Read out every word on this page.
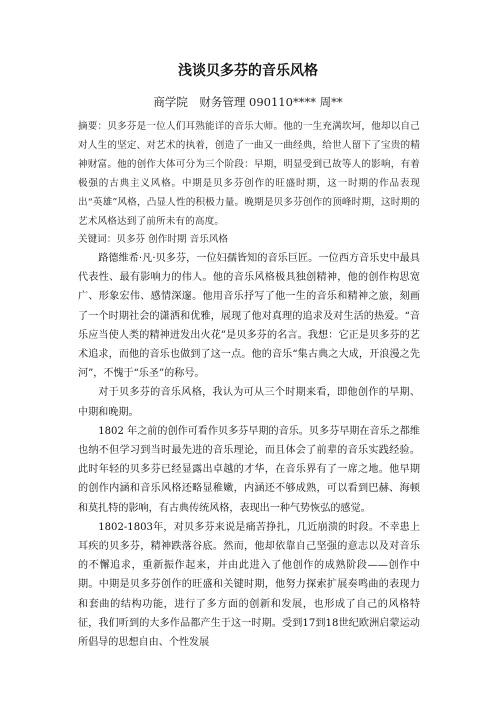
浅谈贝多芬的音乐风格
商学院　财务管理 090110**** 周**

摘要：贝多芬是一位人们耳熟能详的音乐大师。他的一生充满坎坷，他却以自己对人生的坚定、对艺术的执着，创造了一曲又一曲经典，给世人留下了宝贵的精神财富。他的创作大体可分为三个阶段：早期，明显受到已故等人的影响，有着极强的古典主义风格。中期是贝多芬创作的旺盛时期，这一时期的作品表现出“英雄”风格，凸显人性的积极力量。晚期是贝多芬创作的顶峰时期，这时期的艺术风格达到了前所未有的高度。

关键词：贝多芬 创作时期 音乐风格

路德维希·凡·贝多芬，一位妇孺皆知的音乐巨匠。一位西方音乐史中最具代表性、最有影响力的伟人。他的音乐风格极具独创精神，他的创作构思宽广、形象宏伟、感情深邃。他用音乐抒写了他一生的音乐和精神之旅，刻画了一个时期社会的潇洒和优雅，展现了他对真理的追求及对生活的热爱。“音乐应当使人类的精神迸发出火花”是贝多芬的名言。我想：它正是贝多芬的艺术追求，而他的音乐也做到了这一点。他的音乐“集古典之大成，开浪漫之先河”，不愧于“乐圣”的称号。

对于贝多芬的音乐风格，我认为可从三个时期来看，即他创作的早期、中期和晚期。

1802 年之前的创作可看作贝多芬早期的音乐。贝多芬早期在音乐之都维也纳不但学习到当时最先进的音乐理论，而且体会了前辈的音乐实践经验。此时年轻的贝多芬已经显露出卓越的才华，在音乐界有了一席之地。他早期的创作内涵和音乐风格还略显稚嫩，内涵还不够成熟，可以看到巴赫、海顿和莫扎特的影响，有古典传统风格，表现出一种气势恢弘的感觉。

1802-1803年，对贝多芬来说是痛苦挣扎，几近崩溃的时段。不幸患上耳疾的贝多芬，精神跌落谷底。然而，他却依靠自己坚强的意志以及对音乐的不懈追求，重新振作起来，并由此进入了他创作的成熟阶段——创作中期。中期是贝多芬创作的旺盛和关键时期，他努力探索扩展奏鸣曲的表现力和套曲的结构功能，进行了多方面的创新和发展，也形成了自己的风格特征，我们听到的大多作品都产生于这一时期。受到17到18世纪欧洲启蒙运动所倡导的思想自由、个性发展
